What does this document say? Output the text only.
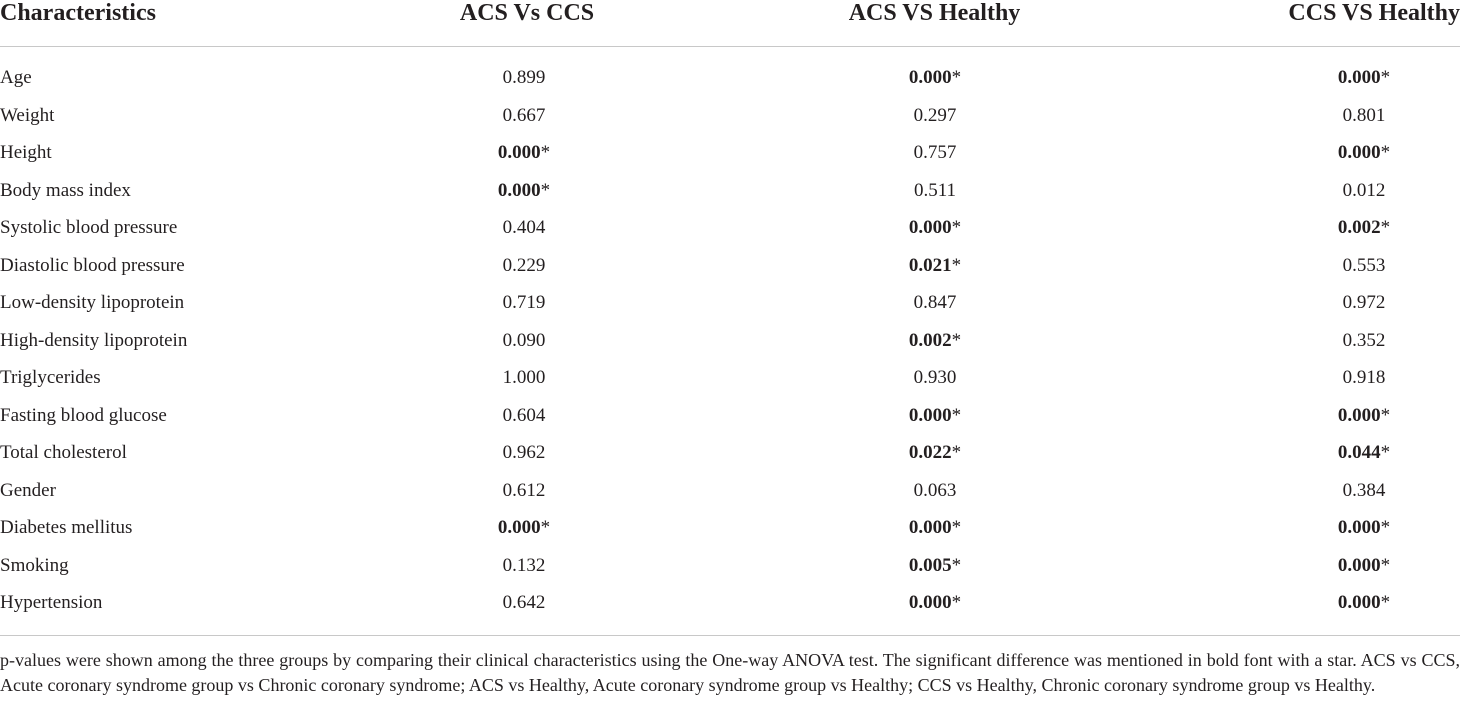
Characteristics	ACS Vs CCS	ACS VS Healthy	CCS VS Healthy
Age	0.899	0.000*	0.000*
Weight	0.667	0.297	0.801
Height	0.000*	0.757	0.000*
Body mass index	0.000*	0.511	0.012
Systolic blood pressure	0.404	0.000*	0.002*
Diastolic blood pressure	0.229	0.021*	0.553
Low-density lipoprotein	0.719	0.847	0.972
High-density lipoprotein	0.090	0.002*	0.352
Triglycerides	1.000	0.930	0.918
Fasting blood glucose	0.604	0.000*	0.000*
Total cholesterol	0.962	0.022*	0.044*
Gender	0.612	0.063	0.384
Diabetes mellitus	0.000*	0.000*	0.000*
Smoking	0.132	0.005*	0.000*
Hypertension	0.642	0.000*	0.000*
p-values were shown among the three groups by comparing their clinical characteristics using the One-way ANOVA test. The significant difference was mentioned in bold font with a star. ACS vs CCS, Acute coronary syndrome group vs Chronic coronary syndrome; ACS vs Healthy, Acute coronary syndrome group vs Healthy; CCS vs Healthy, Chronic coronary syndrome group vs Healthy.
